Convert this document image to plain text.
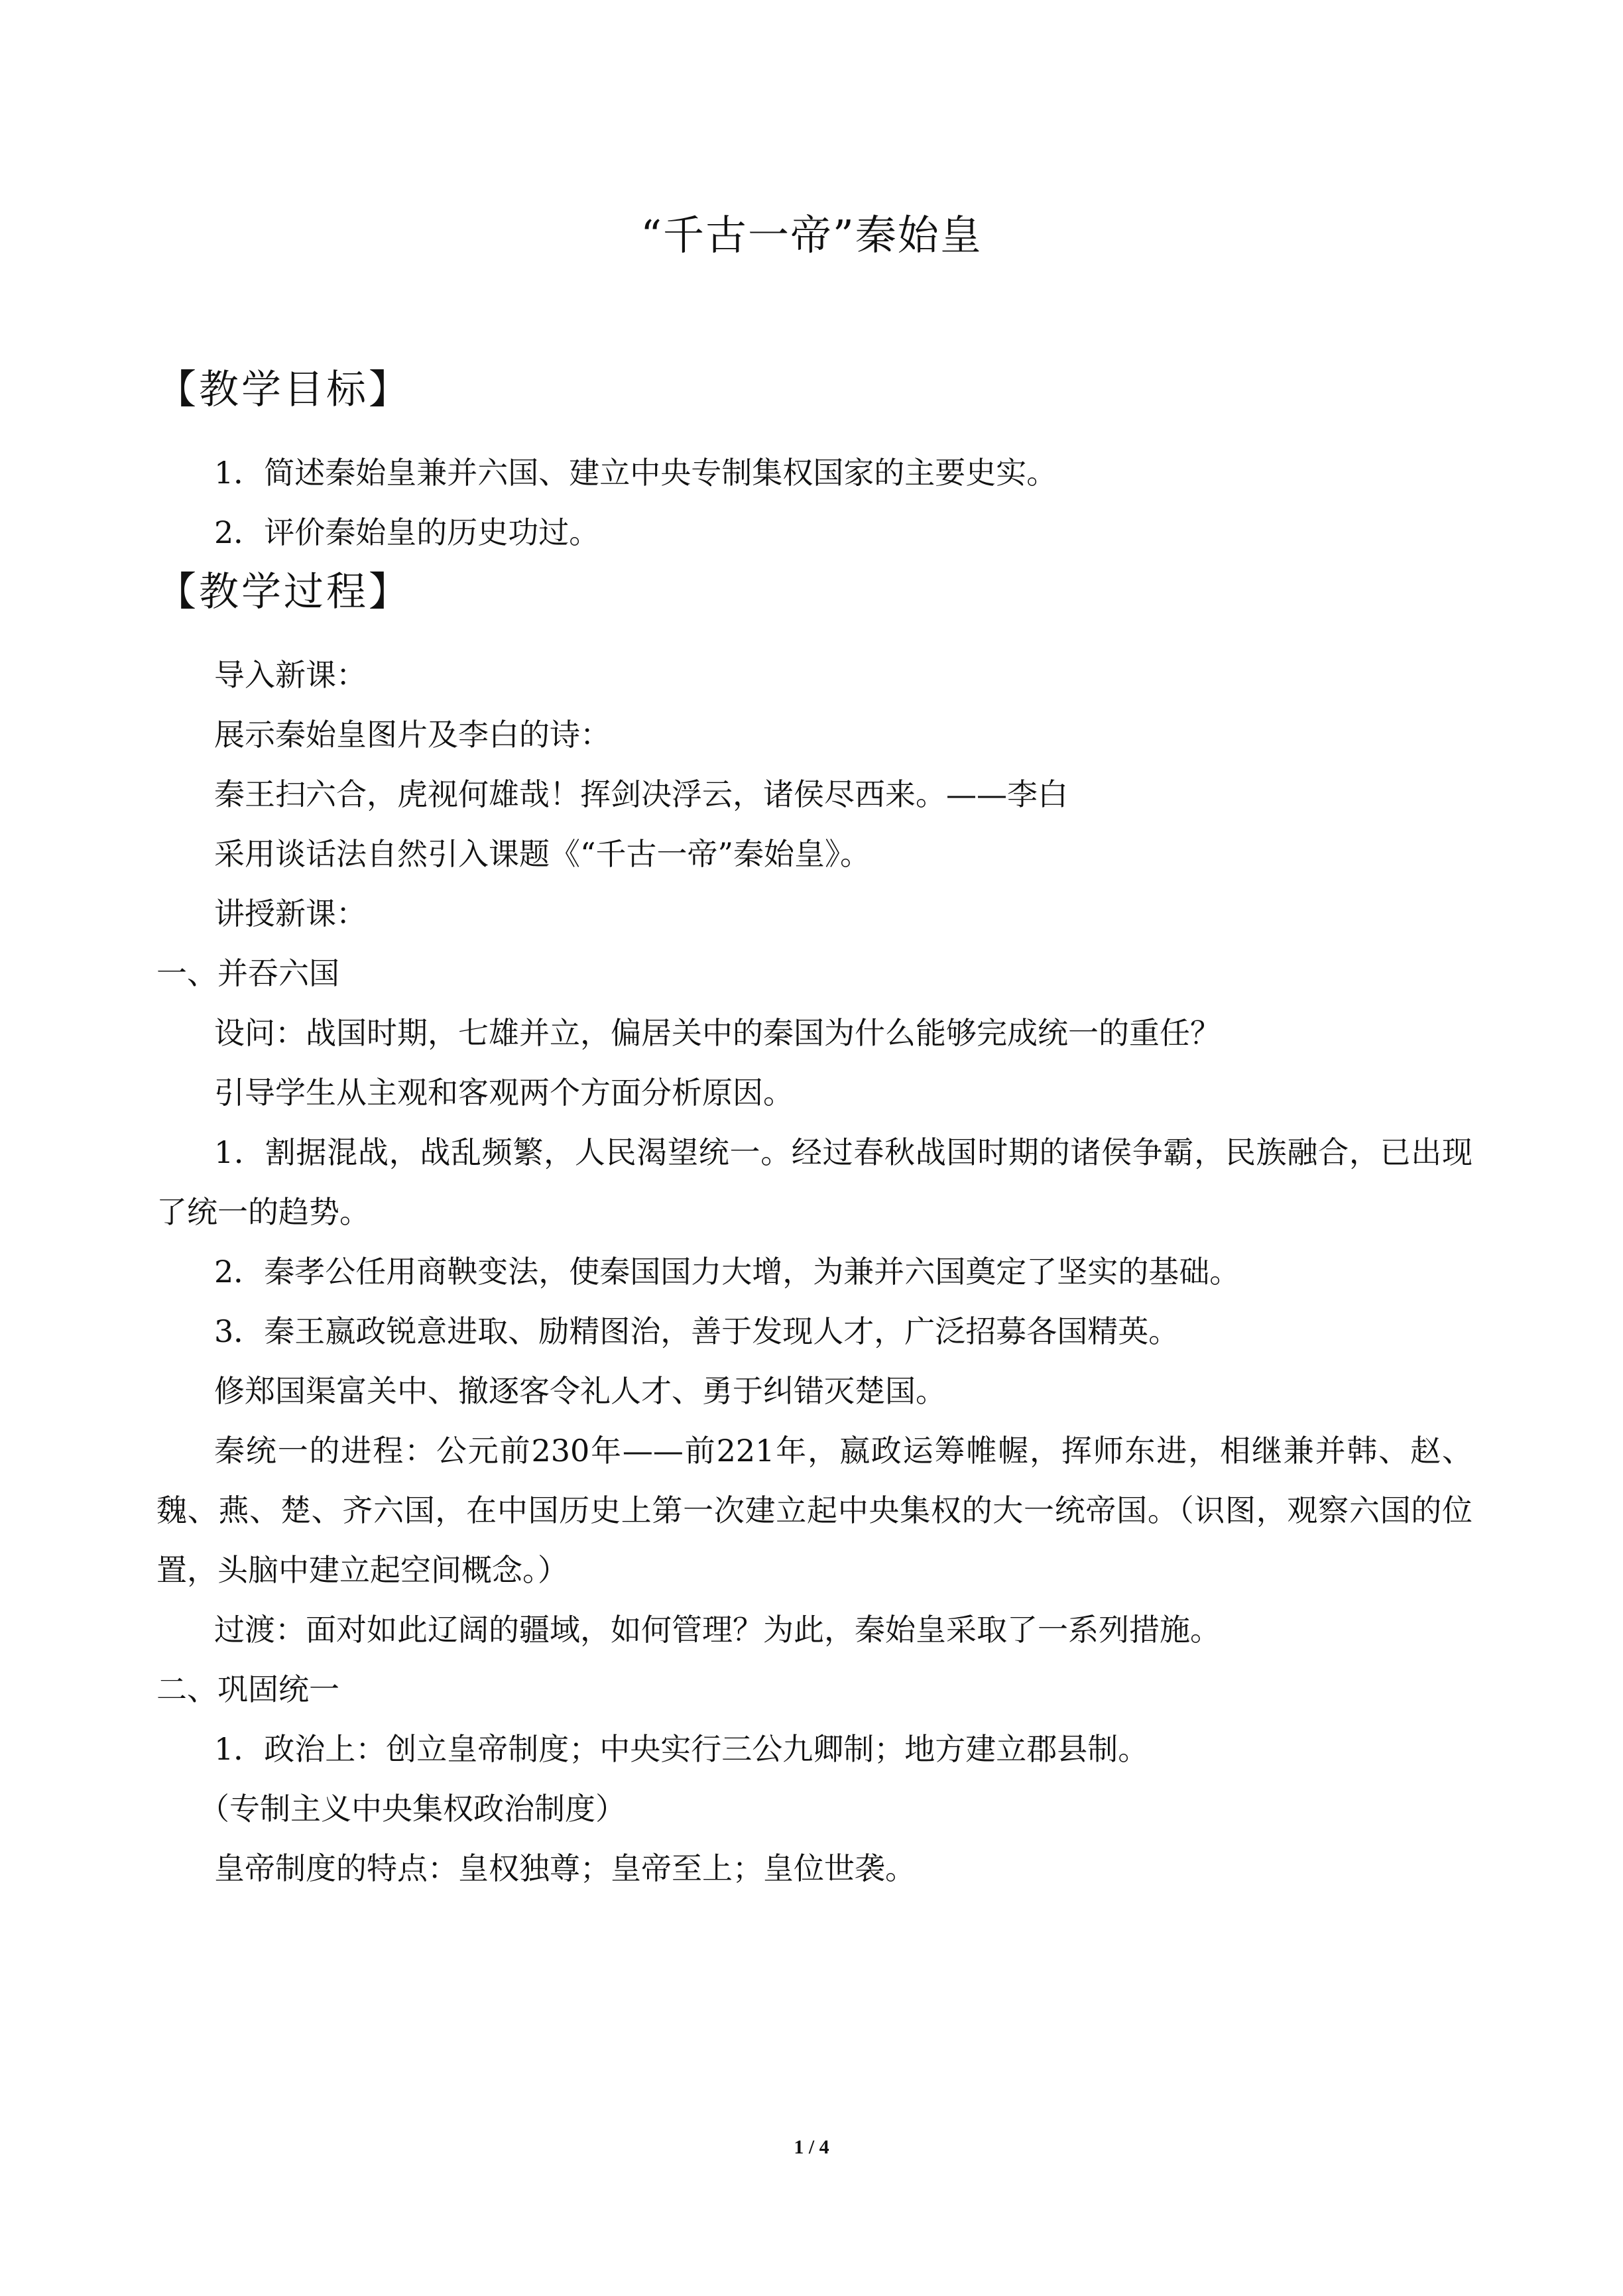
“千古一帝”秦始皇
【教学目标】
1．简述秦始皇兼并六国、建立中央专制集权国家的主要史实。
2．评价秦始皇的历史功过。
【教学过程】
导入新课：
展示秦始皇图片及李白的诗：
秦王扫六合，虎视何雄哉！挥剑决浮云，诸侯尽西来。——李白
采用谈话法自然引入课题《“千古一帝”秦始皇》。
讲授新课：
一、并吞六国
设问：战国时期，七雄并立，偏居关中的秦国为什么能够完成统一的重任？
引导学生从主观和客观两个方面分析原因。
1．割据混战，战乱频繁，人民渴望统一。经过春秋战国时期的诸侯争霸，民族融合，已出现了统一的趋势。
2．秦孝公任用商鞅变法，使秦国国力大增，为兼并六国奠定了坚实的基础。
3．秦王嬴政锐意进取、励精图治，善于发现人才，广泛招募各国精英。
修郑国渠富关中、撤逐客令礼人才、勇于纠错灭楚国。
秦统一的进程：公元前230年——前221年，嬴政运筹帷幄，挥师东进，相继兼并韩、赵、魏、燕、楚、齐六国，在中国历史上第一次建立起中央集权的大一统帝国。（识图，观察六国的位置，头脑中建立起空间概念。）
过渡：面对如此辽阔的疆域，如何管理？为此，秦始皇采取了一系列措施。
二、巩固统一
1．政治上：创立皇帝制度；中央实行三公九卿制；地方建立郡县制。
（专制主义中央集权政治制度）
皇帝制度的特点：皇权独尊；皇帝至上；皇位世袭。
1 / 4
